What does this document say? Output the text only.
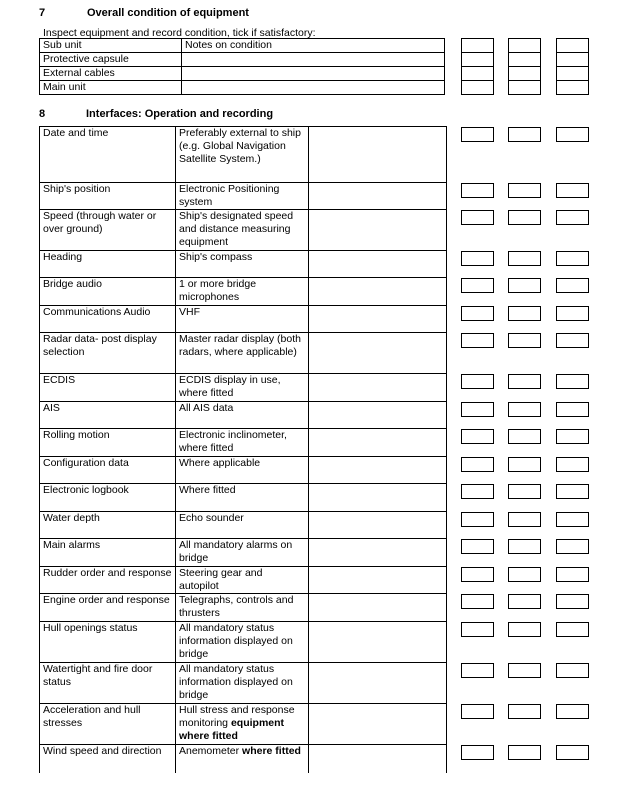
7	Overall condition of equipment
Inspect equipment and record condition, tick if satisfactory:
Sub unit	Notes on condition
Protective capsule	
External cables	
Main unit	
8	Interfaces: Operation and recording
Date and time	Preferably external to ship (e.g. Global Navigation Satellite System.)	
Ship's position	Electronic Positioning system	
Speed (through water or over ground)	Ship's designated speed and distance measuring equipment	
Heading	Ship's compass	
Bridge audio	1 or more bridge microphones	
Communications Audio	VHF	
Radar data- post display selection	Master radar display (both radars, where applicable)	
ECDIS	ECDIS display in use, where fitted	
AIS	All AIS data	
Rolling motion	Electronic inclinometer, where fitted	
Configuration data	Where applicable	
Electronic logbook	Where fitted	
Water depth	Echo sounder	
Main alarms	All mandatory alarms on bridge	
Rudder order and response	Steering gear and autopilot	
Engine order and response	Telegraphs, controls and thrusters	
Hull openings status	All mandatory status information displayed on bridge	
Watertight and fire door status	All mandatory status information displayed on bridge	
Acceleration and hull stresses	Hull stress and response monitoring equipment where fitted	
Wind speed and direction	Anemometer where fitted	
